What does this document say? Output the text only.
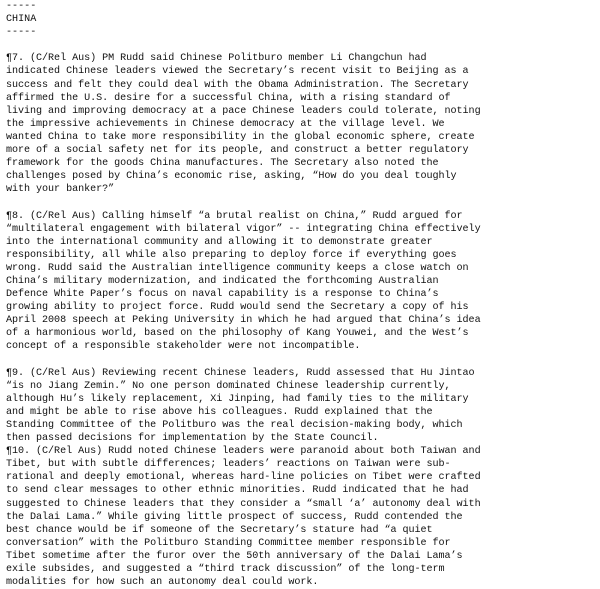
-----
CHINA
-----
¶7. (C/Rel Aus) PM Rudd said Chinese Politburo member Li Changchun had
indicated Chinese leaders viewed the Secretary’s recent visit to Beijing as a
success and felt they could deal with the Obama Administration. The Secretary
affirmed the U.S. desire for a successful China, with a rising standard of
living and improving democracy at a pace Chinese leaders could tolerate, noting
the impressive achievements in Chinese democracy at the village level. We
wanted China to take more responsibility in the global economic sphere, create
more of a social safety net for its people, and construct a better regulatory
framework for the goods China manufactures. The Secretary also noted the
challenges posed by China’s economic rise, asking, “How do you deal toughly
with your banker?”
¶8. (C/Rel Aus) Calling himself “a brutal realist on China,” Rudd argued for
“multilateral engagement with bilateral vigor” -- integrating China effectively
into the international community and allowing it to demonstrate greater
responsibility, all while also preparing to deploy force if everything goes
wrong. Rudd said the Australian intelligence community keeps a close watch on
China’s military modernization, and indicated the forthcoming Australian
Defence White Paper’s focus on naval capability is a response to China’s
growing ability to project force. Rudd would send the Secretary a copy of his
April 2008 speech at Peking University in which he had argued that China’s idea
of a harmonious world, based on the philosophy of Kang Youwei, and the West’s
concept of a responsible stakeholder were not incompatible.
¶9. (C/Rel Aus) Reviewing recent Chinese leaders, Rudd assessed that Hu Jintao
“is no Jiang Zemin.” No one person dominated Chinese leadership currently,
although Hu’s likely replacement, Xi Jinping, had family ties to the military
and might be able to rise above his colleagues. Rudd explained that the
Standing Committee of the Politburo was the real decision-making body, which
then passed decisions for implementation by the State Council.
¶10. (C/Rel Aus) Rudd noted Chinese leaders were paranoid about both Taiwan and
Tibet, but with subtle differences; leaders’ reactions on Taiwan were sub-
rational and deeply emotional, whereas hard-line policies on Tibet were crafted
to send clear messages to other ethnic minorities. Rudd indicated that he had
suggested to Chinese leaders that they consider a “small ‘a’ autonomy deal with
the Dalai Lama.” While giving little prospect of success, Rudd contended the
best chance would be if someone of the Secretary’s stature had “a quiet
conversation” with the Politburo Standing Committee member responsible for
Tibet sometime after the furor over the 50th anniversary of the Dalai Lama’s
exile subsides, and suggested a “third track discussion” of the long-term
modalities for how such an autonomy deal could work.
